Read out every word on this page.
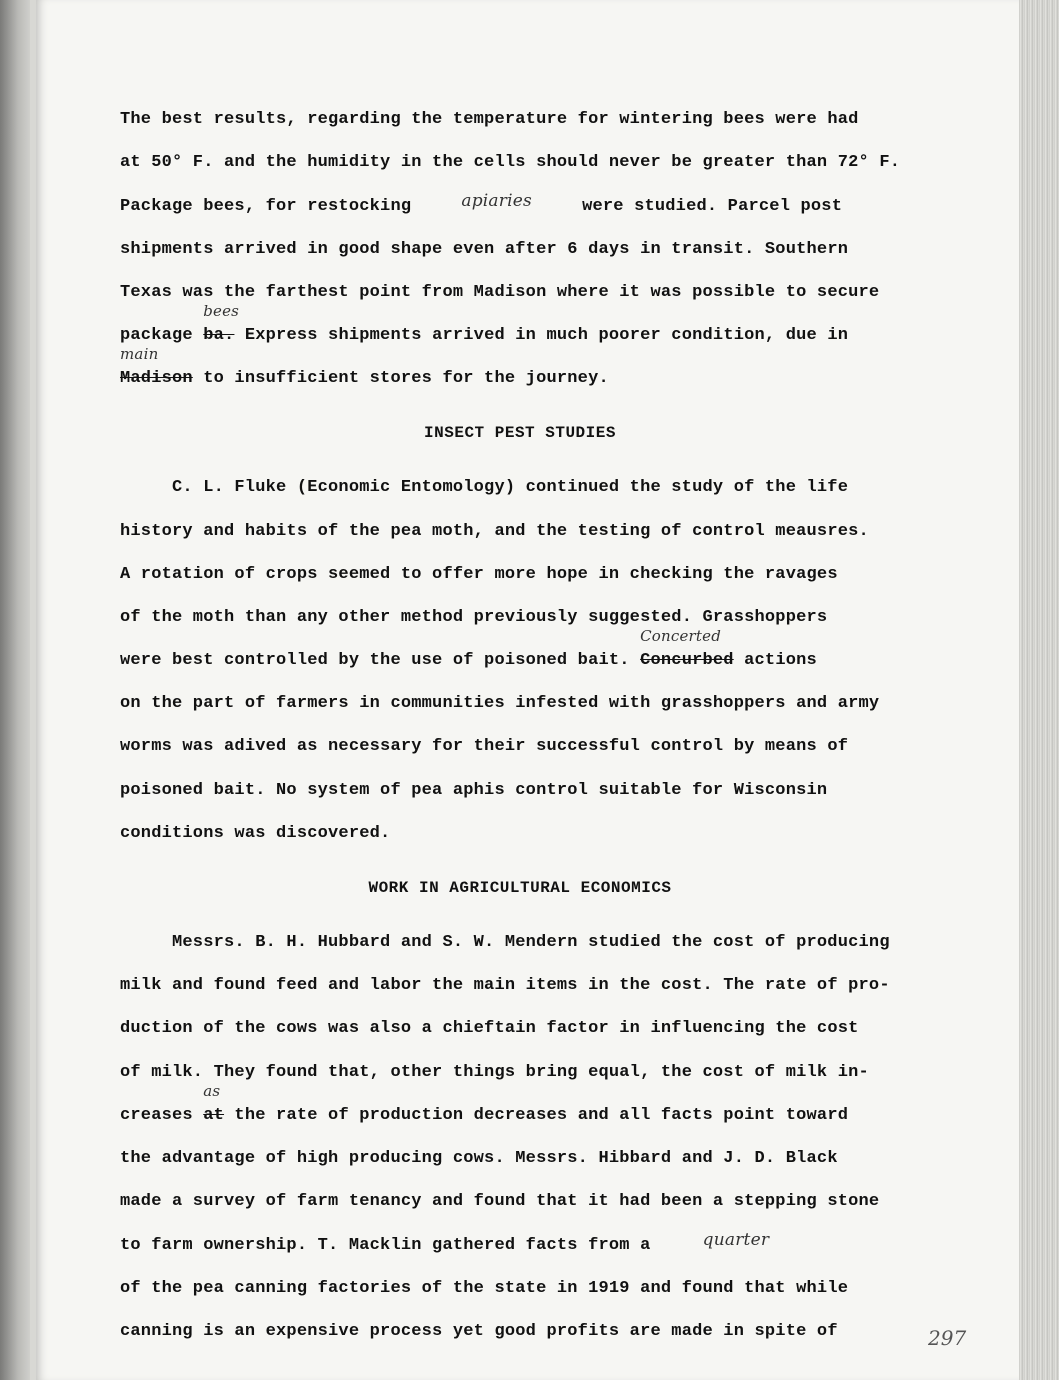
The best results, regarding the temperature for wintering bees were had
at 50° F. and the humidity in the cells should never be greater than 72° F.
Package bees, for restocking	apiaries	were studied. Parcel post
shipments arrived in good shape even after 6 days in transit. Southern
Texas was the farthest point from Madison where it was possible to secure
package ba.
bees
Express shipments arrived in much poorer condition, due in
Madison
main
to insufficient stores for the journey.
INSECT PEST STUDIES
C. L. Fluke (Economic Entomology) continued the study of the life
history and habits of the pea moth, and the testing of control meausres.
A rotation of crops seemed to offer more hope in checking the ravages
of the moth than any other method previously suggested. Grasshoppers
were best controlled by the use of poisoned bait. Concurbed
Concerted
actions
on the part of farmers in communities infested with grasshoppers and army
worms was adived as necessary for their successful control by means of
poisoned bait. No system of pea aphis control suitable for Wisconsin
conditions was discovered.
WORK IN AGRICULTURAL ECONOMICS
Messrs. B. H. Hubbard and S. W. Mendern studied the cost of producing
milk and found feed and labor the main items in the cost. The rate of pro-
duction of the cows was also a chieftain factor in influencing the cost
of milk. They found that, other things bring equal, the cost of milk in-
creases at
as
the rate of production decreases and all facts point toward
the advantage of high producing cows. Messrs. Hibbard and J. D. Black
made a survey of farm tenancy and found that it had been a stepping stone
to farm ownership. T. Macklin gathered facts from a	quarter
of the pea canning factories of the state in 1919 and found that while
canning is an expensive process yet good profits are made in spite of	297
